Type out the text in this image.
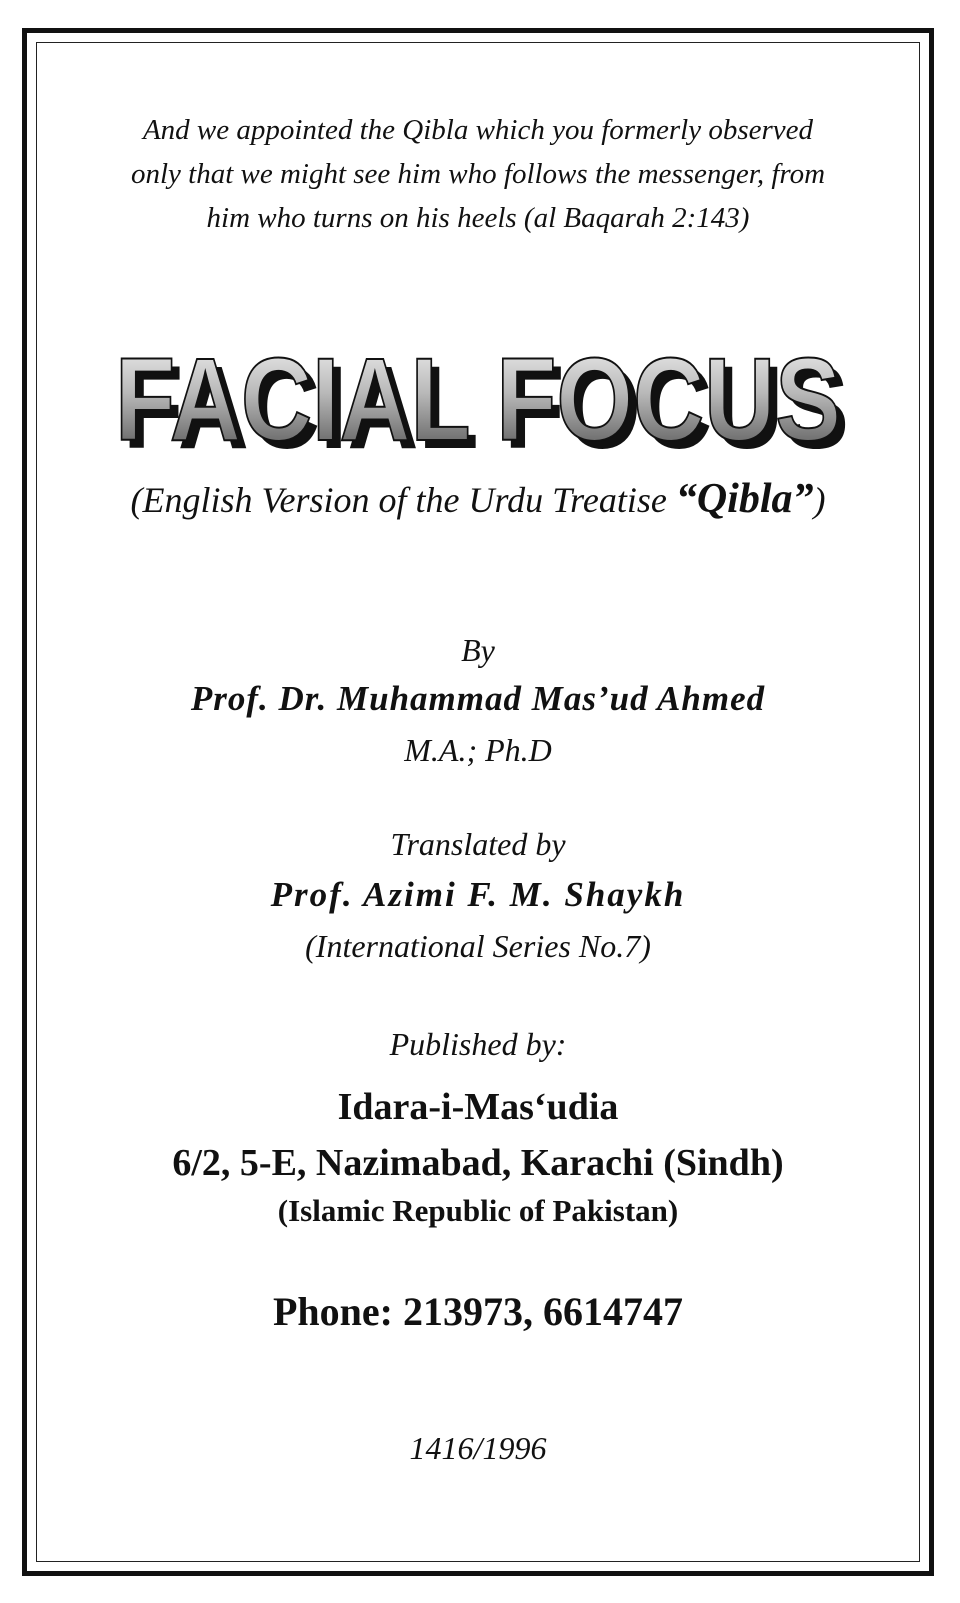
And we appointed the Qibla which you formerly observed
only that we might see him who follows the messenger, from
him who turns on his heels (al Baqarah 2:143)
FACIAL FOCUS
FACIAL FOCUS
(English Version of the Urdu Treatise “Qibla”)
By
Prof. Dr. Muhammad Mas’ud Ahmed
M.A.; Ph.D
Translated by
Prof. Azimi F. M. Shaykh
(International Series No.7)
Published by:
Idara-i-Mas‘udia
6/2, 5-E, Nazimabad, Karachi (Sindh)
(Islamic Republic of Pakistan)
Phone: 213973, 6614747
1416/1996
